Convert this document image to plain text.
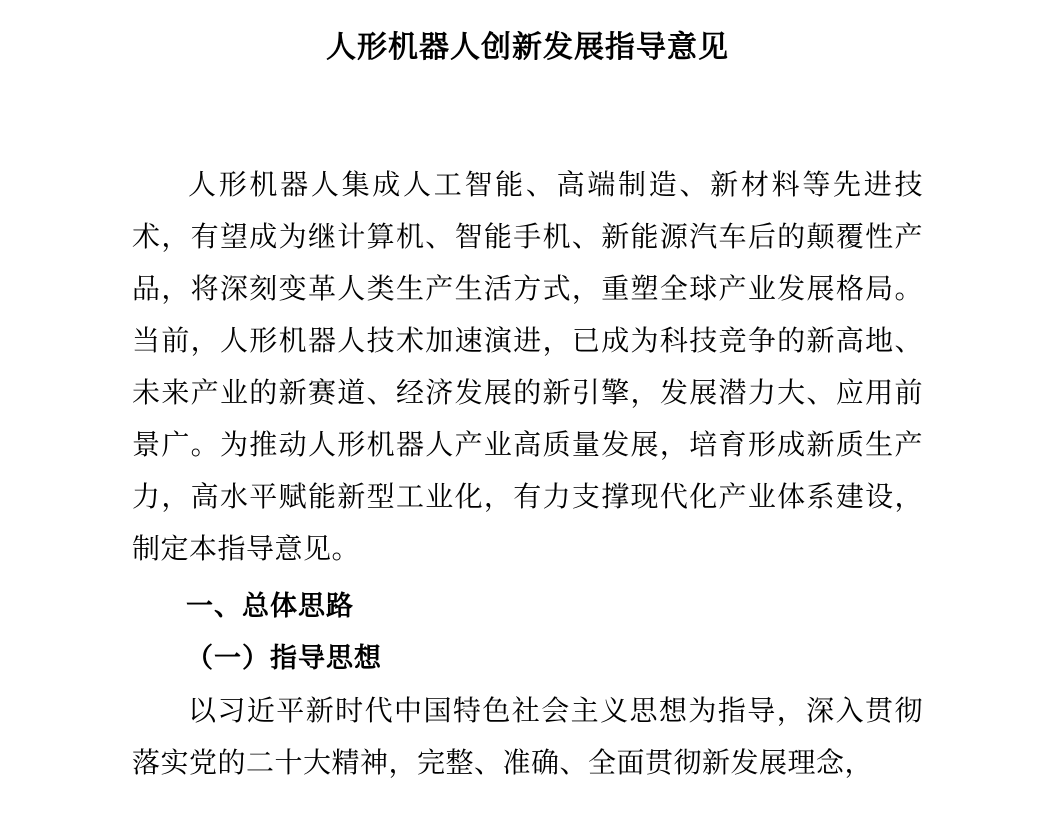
人形机器人创新发展指导意见

人形机器人集成人工智能、高端制造、新材料等先进技术，有望成为继计算机、智能手机、新能源汽车后的颠覆性产品，将深刻变革人类生产生活方式，重塑全球产业发展格局。当前，人形机器人技术加速演进，已成为科技竞争的新高地、未来产业的新赛道、经济发展的新引擎，发展潜力大、应用前景广。为推动人形机器人产业高质量发展，培育形成新质生产力，高水平赋能新型工业化，有力支撑现代化产业体系建设，制定本指导意见。

一、总体思路
（一）指导思想

以习近平新时代中国特色社会主义思想为指导，深入贯彻落实党的二十大精神，完整、准确、全面贯彻新发展理念，
